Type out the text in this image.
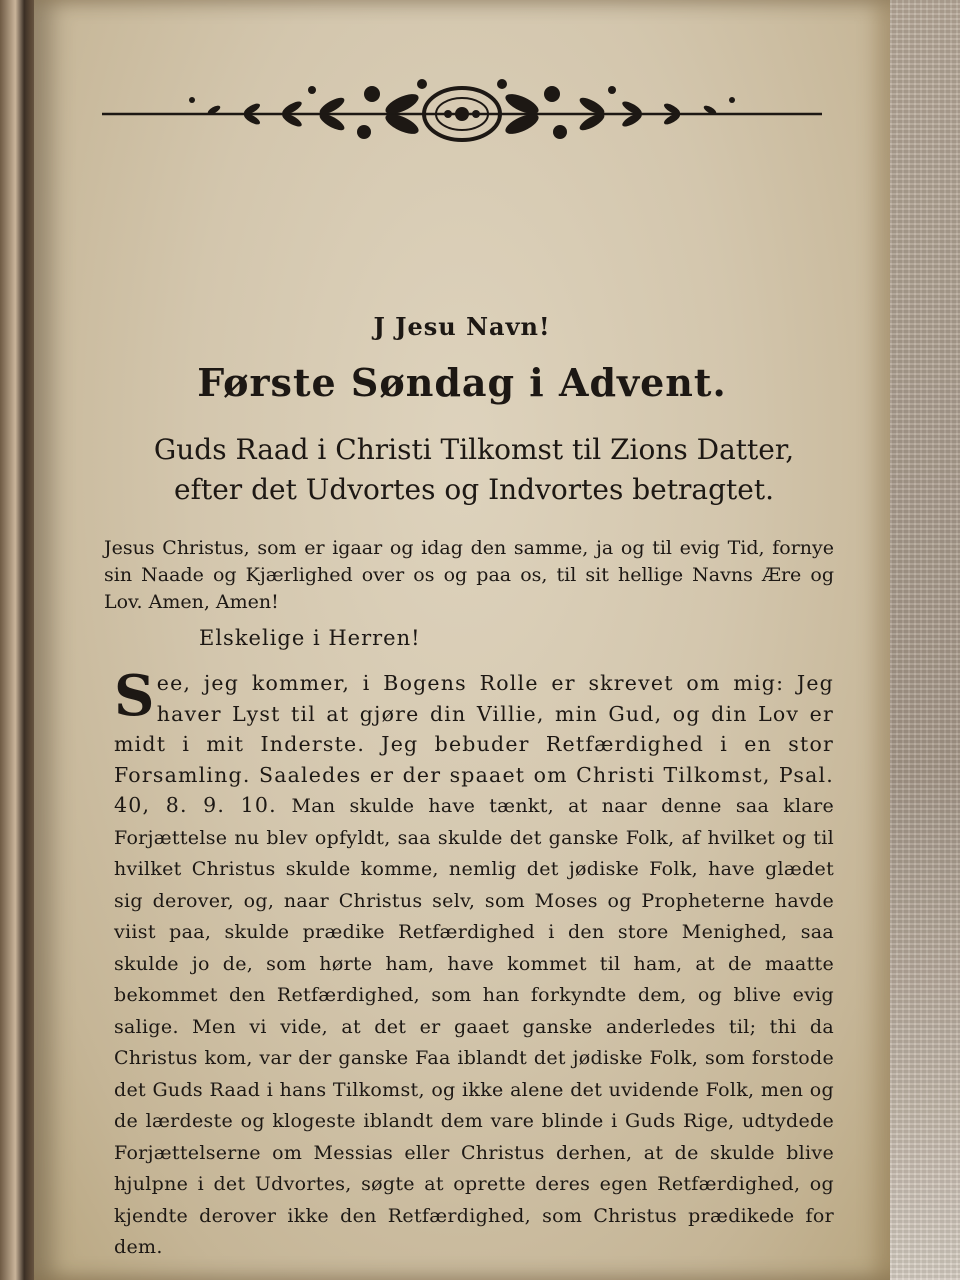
J Jesu Navn!
Første Søndag i Advent.
Guds Raad i Christi Tilkomst til Zions Datter,
efter det Udvortes og Indvortes betragtet.
Jesus Christus, som er igaar og idag den samme, ja og til evig Tid, fornye sin Naade og Kjærlighed over os og paa os, til sit hellige Navns Ære og Lov. Amen, Amen!
Elskelige i Herren!
See, jeg kommer, i Bogens Rolle er skrevet om mig: Jeg haver Lyst til at gjøre din Villie, min Gud, og din Lov er midt i mit Inderste. Jeg bebuder Retfærdighed i en stor Forsamling. Saaledes er der spaaet om Christi Tilkomst, Psal. 40, 8. 9. 10. Man skulde have tænkt, at naar denne saa klare Forjættelse nu blev opfyldt, saa skulde det ganske Folk, af hvilket og til hvilket Christus skulde komme, nemlig det jødiske Folk, have glædet sig derover, og, naar Christus selv, som Moses og Propheterne havde viist paa, skulde prædike Retfærdighed i den store Menighed, saa skulde jo de, som hørte ham, have kommet til ham, at de maatte bekommet den Retfærdighed, som han forkyndte dem, og blive evig salige. Men vi vide, at det er gaaet ganske anderledes til; thi da Christus kom, var der ganske Faa iblandt det jødiske Folk, som forstode det Guds Raad i hans Tilkomst, og ikke alene det uvidende Folk, men og de lærdeste og klogeste iblandt dem vare blinde i Guds Rige, udtydede Forjættelserne om Messias eller Christus derhen, at de skulde blive hjulpne i det Udvortes, søgte at oprette deres egen Retfærdighed, og kjendte derover ikke den Retfærdighed, som Christus prædikede for dem.
